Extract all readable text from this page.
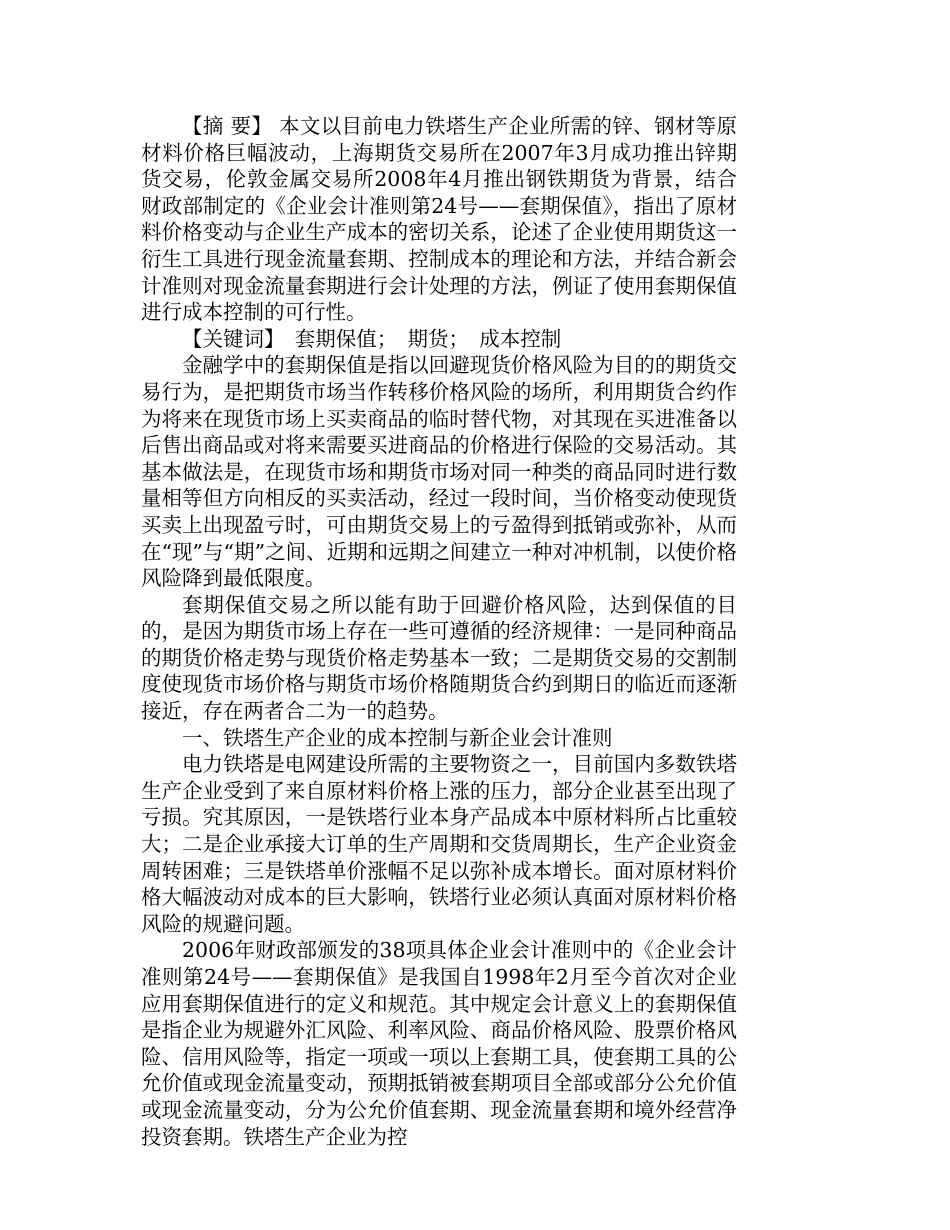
【摘 要】 本文以目前电力铁塔生产企业所需的锌、钢材等原材料价格巨幅波动，上海期货交易所在2007年3月成功推出锌期货交易，伦敦金属交易所2008年4月推出钢铁期货为背景，结合财政部制定的《企业会计准则第24号——套期保值》，指出了原材料价格变动与企业生产成本的密切关系，论述了企业使用期货这一衍生工具进行现金流量套期、控制成本的理论和方法，并结合新会计准则对现金流量套期进行会计处理的方法，例证了使用套期保值进行成本控制的可行性。

【关键词】 套期保值； 期货； 成本控制

金融学中的套期保值是指以回避现货价格风险为目的的期货交易行为，是把期货市场当作转移价格风险的场所，利用期货合约作为将来在现货市场上买卖商品的临时替代物，对其现在买进准备以后售出商品或对将来需要买进商品的价格进行保险的交易活动。其基本做法是，在现货市场和期货市场对同一种类的商品同时进行数量相等但方向相反的买卖活动，经过一段时间，当价格变动使现货买卖上出现盈亏时，可由期货交易上的亏盈得到抵销或弥补，从而在“现”与“期”之间、近期和远期之间建立一种对冲机制，以使价格风险降到最低限度。

套期保值交易之所以能有助于回避价格风险，达到保值的目的，是因为期货市场上存在一些可遵循的经济规律：一是同种商品的期货价格走势与现货价格走势基本一致；二是期货交易的交割制度使现货市场价格与期货市场价格随期货合约到期日的临近而逐渐接近，存在两者合二为一的趋势。

一、铁塔生产企业的成本控制与新企业会计准则

电力铁塔是电网建设所需的主要物资之一，目前国内多数铁塔生产企业受到了来自原材料价格上涨的压力，部分企业甚至出现了亏损。究其原因，一是铁塔行业本身产品成本中原材料所占比重较大；二是企业承接大订单的生产周期和交货周期长，生产企业资金周转困难；三是铁塔单价涨幅不足以弥补成本增长。面对原材料价格大幅波动对成本的巨大影响，铁塔行业必须认真面对原材料价格风险的规避问题。

2006年财政部颁发的38项具体企业会计准则中的《企业会计准则第24号——套期保值》是我国自1998年2月至今首次对企业应用套期保值进行的定义和规范。其中规定会计意义上的套期保值是指企业为规避外汇风险、利率风险、商品价格风险、股票价格风险、信用风险等，指定一项或一项以上套期工具，使套期工具的公允价值或现金流量变动，预期抵销被套期项目全部或部分公允价值或现金流量变动，分为公允价值套期、现金流量套期和境外经营净投资套期。铁塔生产企业为控
